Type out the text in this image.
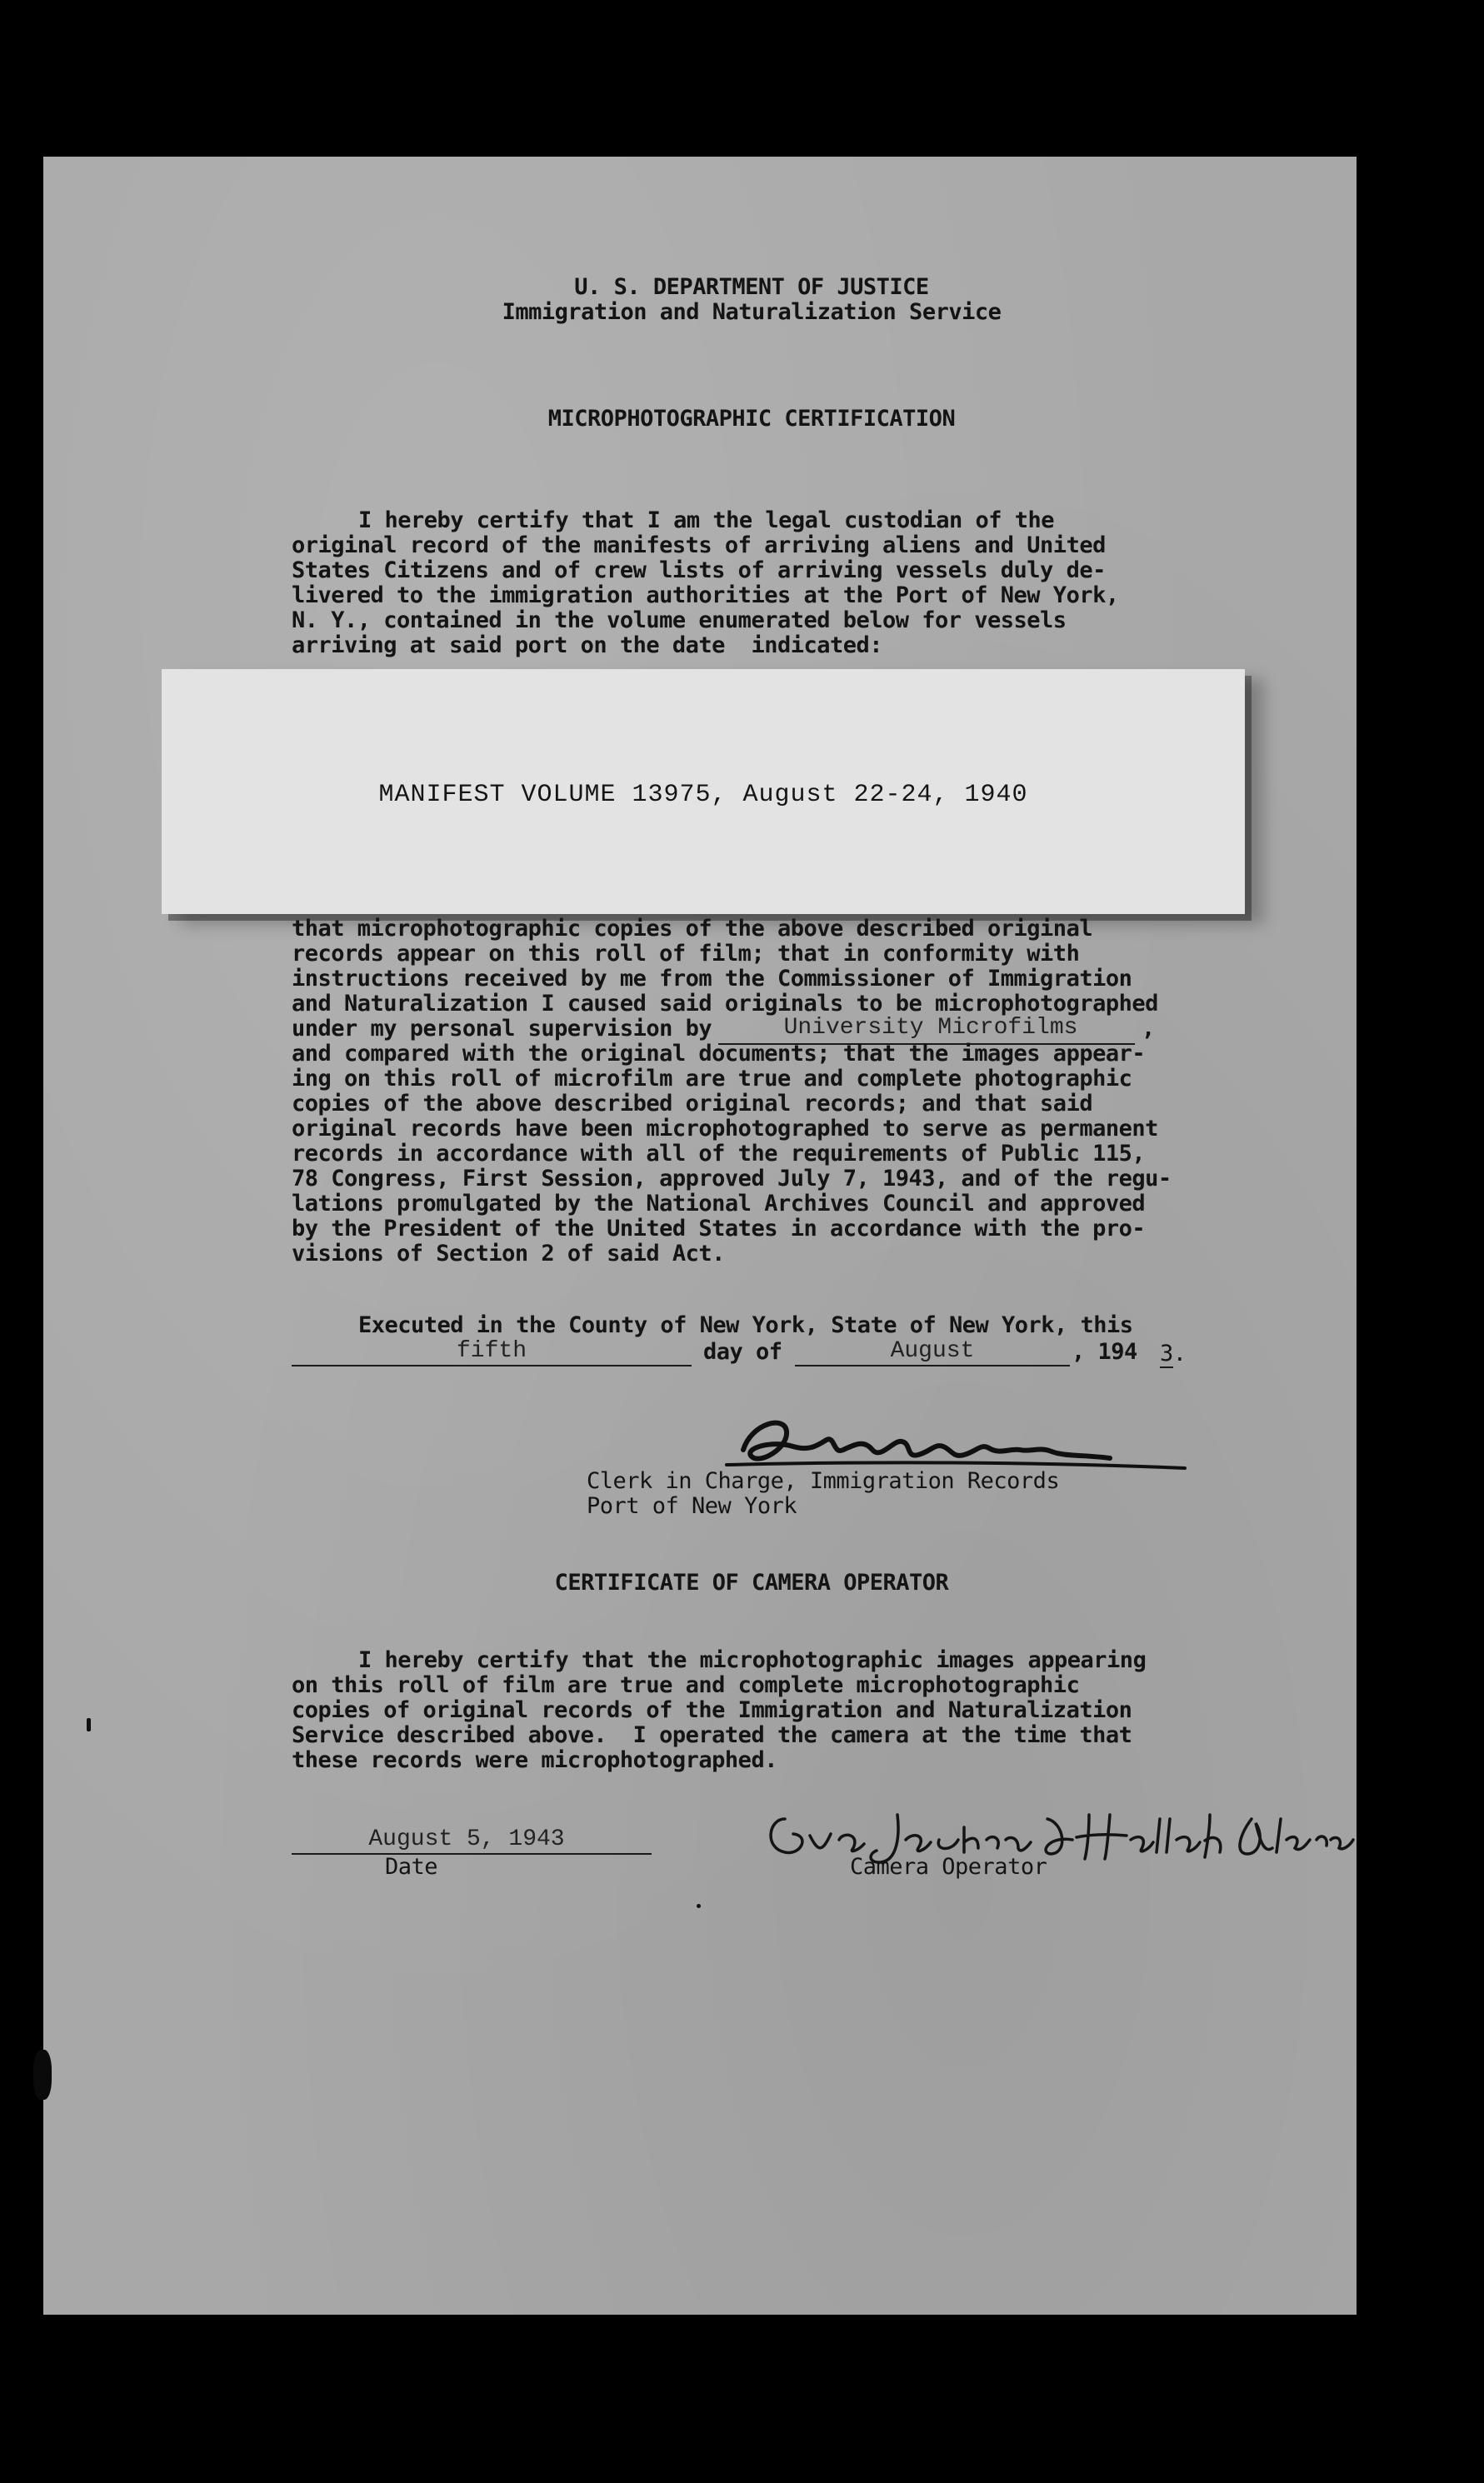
U. S. DEPARTMENT OF JUSTICE
Immigration and Naturalization Service
MICROPHOTOGRAPHIC CERTIFICATION
I hereby certify that I am the legal custodian of the
original record of the manifests of arriving aliens and United
States Citizens and of crew lists of arriving vessels duly de-
livered to the immigration authorities at the Port of New York,
N. Y., contained in the volume enumerated below for vessels
arriving at said port on the date  indicated:
MANIFEST VOLUME 13975, August 22-24, 1940
that microphotographic copies of the above described original
records appear on this roll of film; that in conformity with
instructions received by me from the Commissioner of Immigration
and Naturalization I caused said originals to be microphotographed
under my personal supervision by	University Microfilms	,
and compared with the original documents; that the images appear-
ing on this roll of microfilm are true and complete photographic
copies of the above described original records; and that said
original records have been microphotographed to serve as permanent
records in accordance with all of the requirements of Public 115,
78 Congress, First Session, approved July 7, 1943, and of the regu-
lations promulgated by the National Archives Council and approved
by the President of the United States in accordance with the pro-
visions of Section 2 of said Act.
Executed in the County of New York, State of New York, this
fifth	day of	August	, 194 3.
Clerk in Charge, Immigration Records
Port of New York
CERTIFICATE OF CAMERA OPERATOR
I hereby certify that the microphotographic images appearing
on this roll of film are true and complete microphotographic
copies of original records of the Immigration and Naturalization
Service described above.  I operated the camera at the time that
these records were microphotographed.
August 5, 1943
Date	Camera Operator
